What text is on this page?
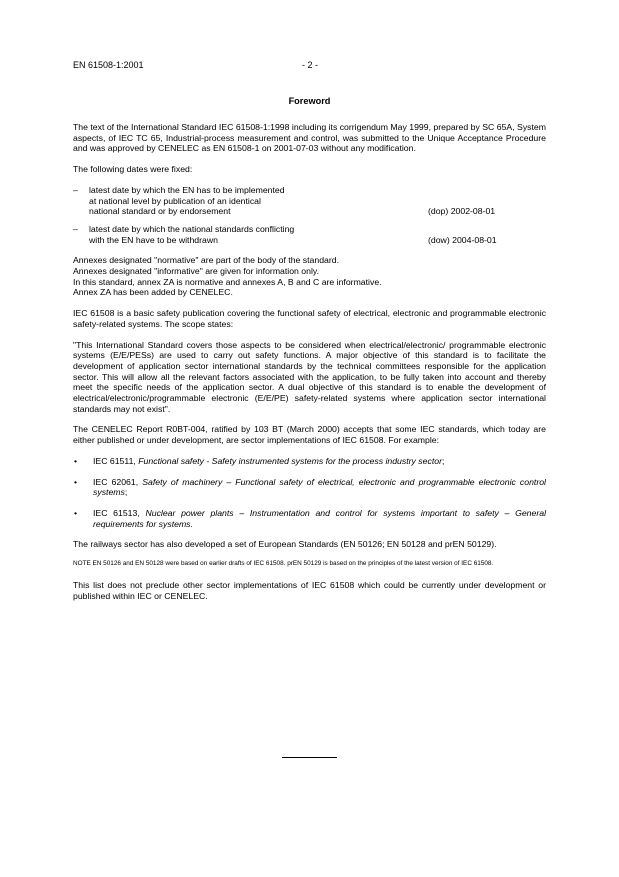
EN 61508-1:2001	- 2 -
Foreword

The text of the International Standard IEC 61508-1:1998 including its corrigendum May 1999, prepared by SC 65A, System aspects, of IEC TC 65, Industrial-process measurement and control, was submitted to the Unique Acceptance Procedure and was approved by CENELEC as EN 61508-1 on 2001-07-03 without any modification.

The following dates were fixed:

– latest date by which the EN has to be implemented
at national level by publication of an identical
national standard or by endorsement	(dop) 2002-08-01
– latest date by which the national standards conflicting
with the EN have to be withdrawn	(dow) 2004-08-01

Annexes designated "normative" are part of the body of the standard.
Annexes designated "informative" are given for information only.
In this standard, annex ZA is normative and annexes A, B and C are informative.
Annex ZA has been added by CENELEC.

IEC 61508 is a basic safety publication covering the functional safety of electrical, electronic and programmable electronic safety-related systems. The scope states:

"This International Standard covers those aspects to be considered when electrical/electronic/ programmable electronic systems (E/E/PESs) are used to carry out safety functions. A major objective of this standard is to facilitate the development of application sector international standards by the technical committees responsible for the application sector. This will allow all the relevant factors associated with the application, to be fully taken into account and thereby meet the specific needs of the application sector. A dual objective of this standard is to enable the development of electrical/electronic/programmable electronic (E/E/PE) safety-related systems where application sector international standards may not exist".

The CENELEC Report R0BT-004, ratified by 103 BT (March 2000) accepts that some IEC standards, which today are either published or under development, are sector implementations of IEC 61508. For example:

• IEC 61511, Functional safety - Safety instrumented systems for the process industry sector;
• IEC 62061, Safety of machinery – Functional safety of electrical, electronic and programmable electronic control systems;
• IEC 61513, Nuclear power plants – Instrumentation and control for systems important to safety – General requirements for systems.

The railways sector has also developed a set of European Standards (EN 50126; EN 50128 and prEN 50129).

NOTE EN 50126 and EN 50128 were based on earlier drafts of IEC 61508. prEN 50129 is based on the principles of the latest version of IEC 61508.

This list does not preclude other sector implementations of IEC 61508 which could be currently under development or published within IEC or CENELEC.
